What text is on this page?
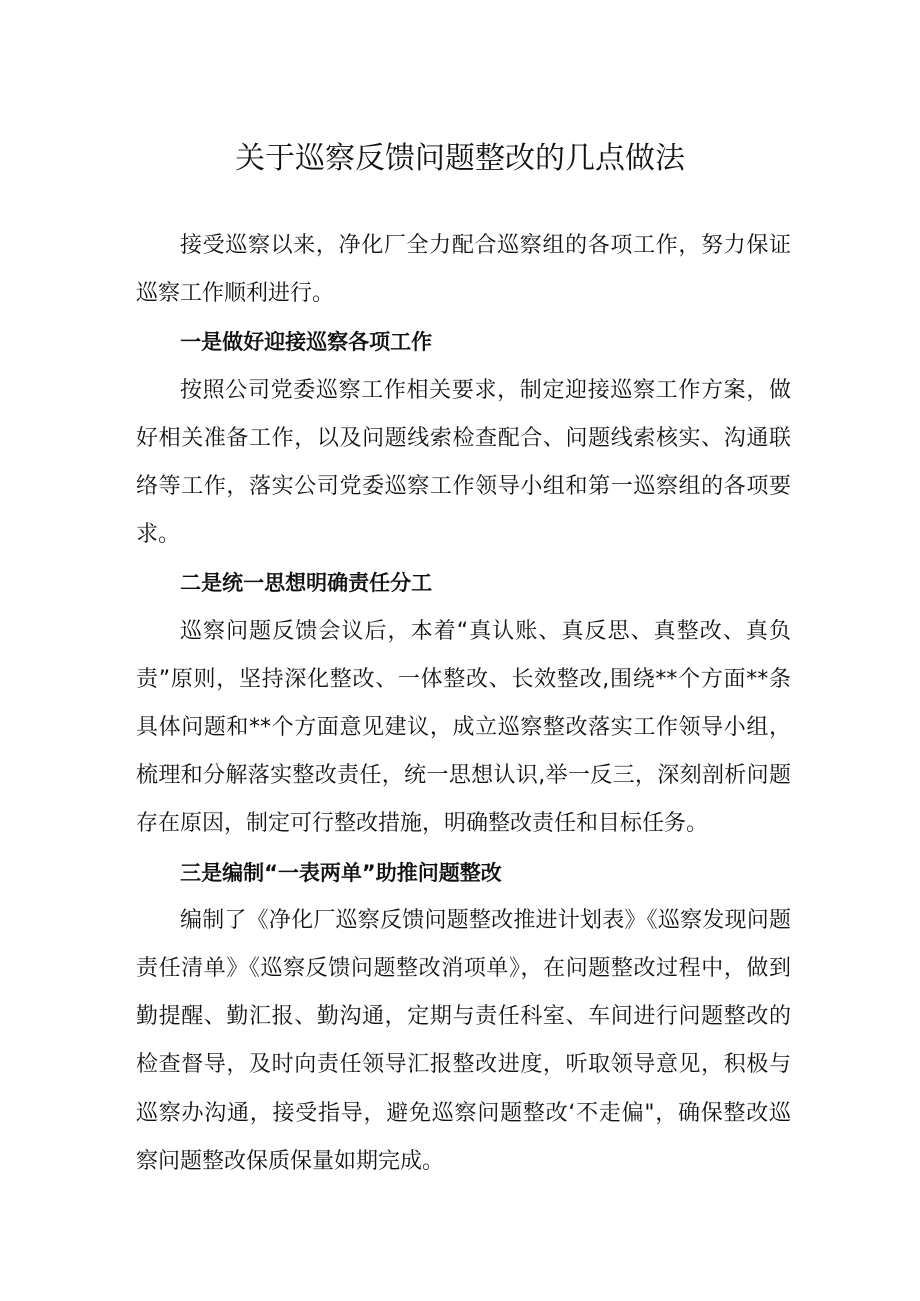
关于巡察反馈问题整改的几点做法

接受巡察以来，净化厂全力配合巡察组的各项工作，努力保证巡察工作顺利进行。

一是做好迎接巡察各项工作

按照公司党委巡察工作相关要求，制定迎接巡察工作方案，做好相关准备工作，以及问题线索检查配合、问题线索核实、沟通联络等工作，落实公司党委巡察工作领导小组和第一巡察组的各项要求。

二是统一思想明确责任分工

巡察问题反馈会议后，本着“真认账、真反思、真整改、真负责”原则，坚持深化整改、一体整改、长效整改,围绕**个方面**条具体问题和**个方面意见建议，成立巡察整改落实工作领导小组，梳理和分解落实整改责任，统一思想认识,举一反三，深刻剖析问题存在原因，制定可行整改措施，明确整改责任和目标任务。

三是编制“一表两单”助推问题整改

编制了《净化厂巡察反馈问题整改推进计划表》《巡察发现问题责任清单》《巡察反馈问题整改消项单》，在问题整改过程中，做到勤提醒、勤汇报、勤沟通，定期与责任科室、车间进行问题整改的检查督导，及时向责任领导汇报整改进度，听取领导意见，积极与巡察办沟通，接受指导，避免巡察问题整改‘不走偏"，确保整改巡察问题整改保质保量如期完成。
